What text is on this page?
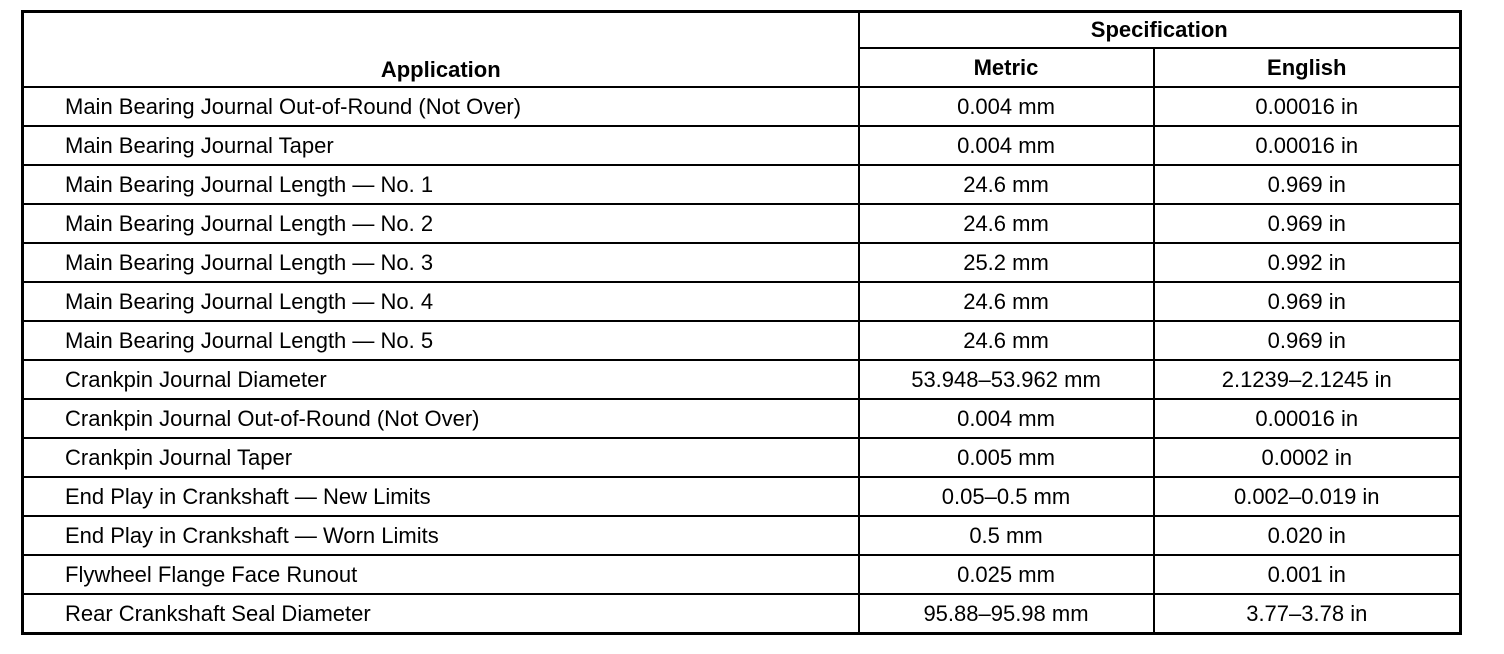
Application	Specification	
	Metric	English
Main Bearing Journal Out-of-Round (Not Over)	0.004 mm	0.00016 in
Main Bearing Journal Taper	0.004 mm	0.00016 in
Main Bearing Journal Length — No. 1	24.6 mm	0.969 in
Main Bearing Journal Length — No. 2	24.6 mm	0.969 in
Main Bearing Journal Length — No. 3	25.2 mm	0.992 in
Main Bearing Journal Length — No. 4	24.6 mm	0.969 in
Main Bearing Journal Length — No. 5	24.6 mm	0.969 in
Crankpin Journal Diameter	53.948–53.962 mm	2.1239–2.1245 in
Crankpin Journal Out-of-Round (Not Over)	0.004 mm	0.00016 in
Crankpin Journal Taper	0.005 mm	0.0002 in
End Play in Crankshaft — New Limits	0.05–0.5 mm	0.002–0.019 in
End Play in Crankshaft — Worn Limits	0.5 mm	0.020 in
Flywheel Flange Face Runout	0.025 mm	0.001 in
Rear Crankshaft Seal Diameter	95.88–95.98 mm	3.77–3.78 in
